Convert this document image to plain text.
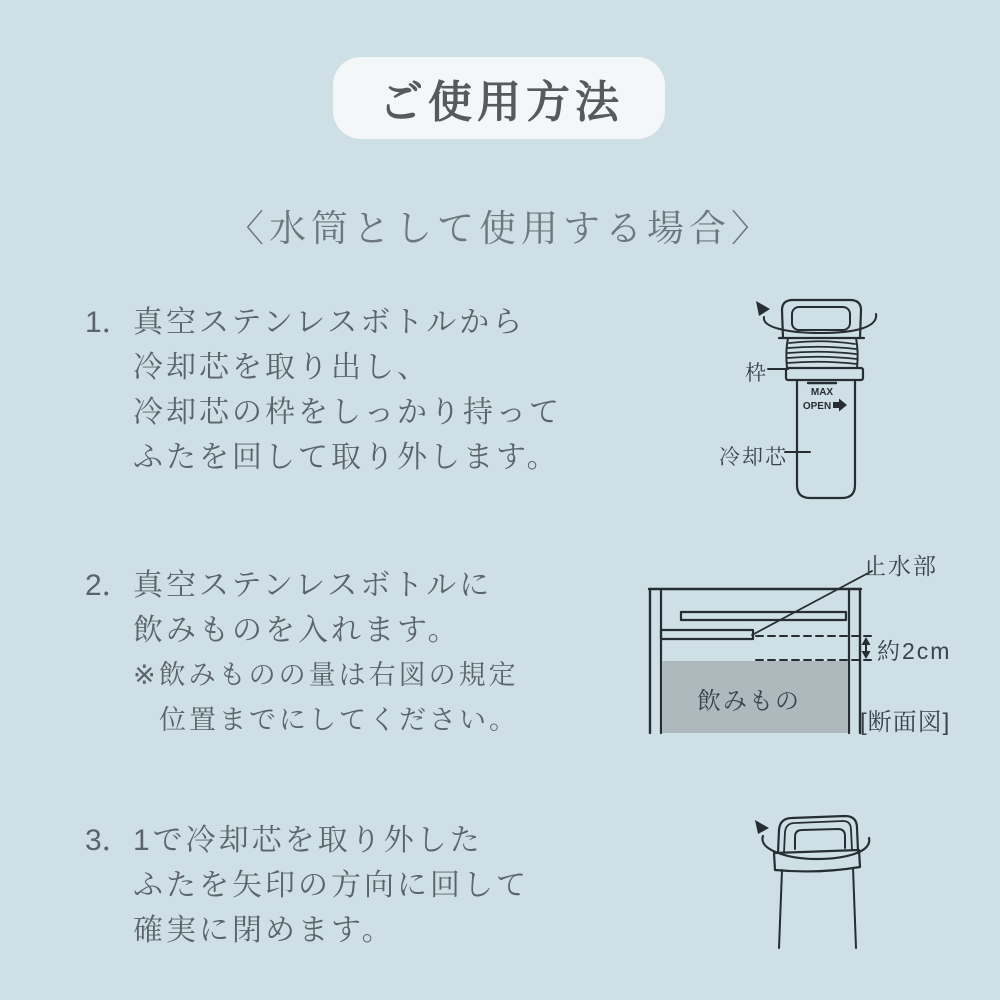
ご使用方法
〈水筒として使用する場合〉
1．真空ステンレスボトルから
冷却芯を取り出し、
冷却芯の枠をしっかり持って
ふたを回して取り外します。
MAX
OPEN
枠
冷却芯
2．真空ステンレスボトルに
飲みものを入れます。
※飲みものの量は右図の規定
位置までにしてください。
止水部
約2cm
飲みもの
[断面図]
3．1で冷却芯を取り外した
ふたを矢印の方向に回して
確実に閉めます。
